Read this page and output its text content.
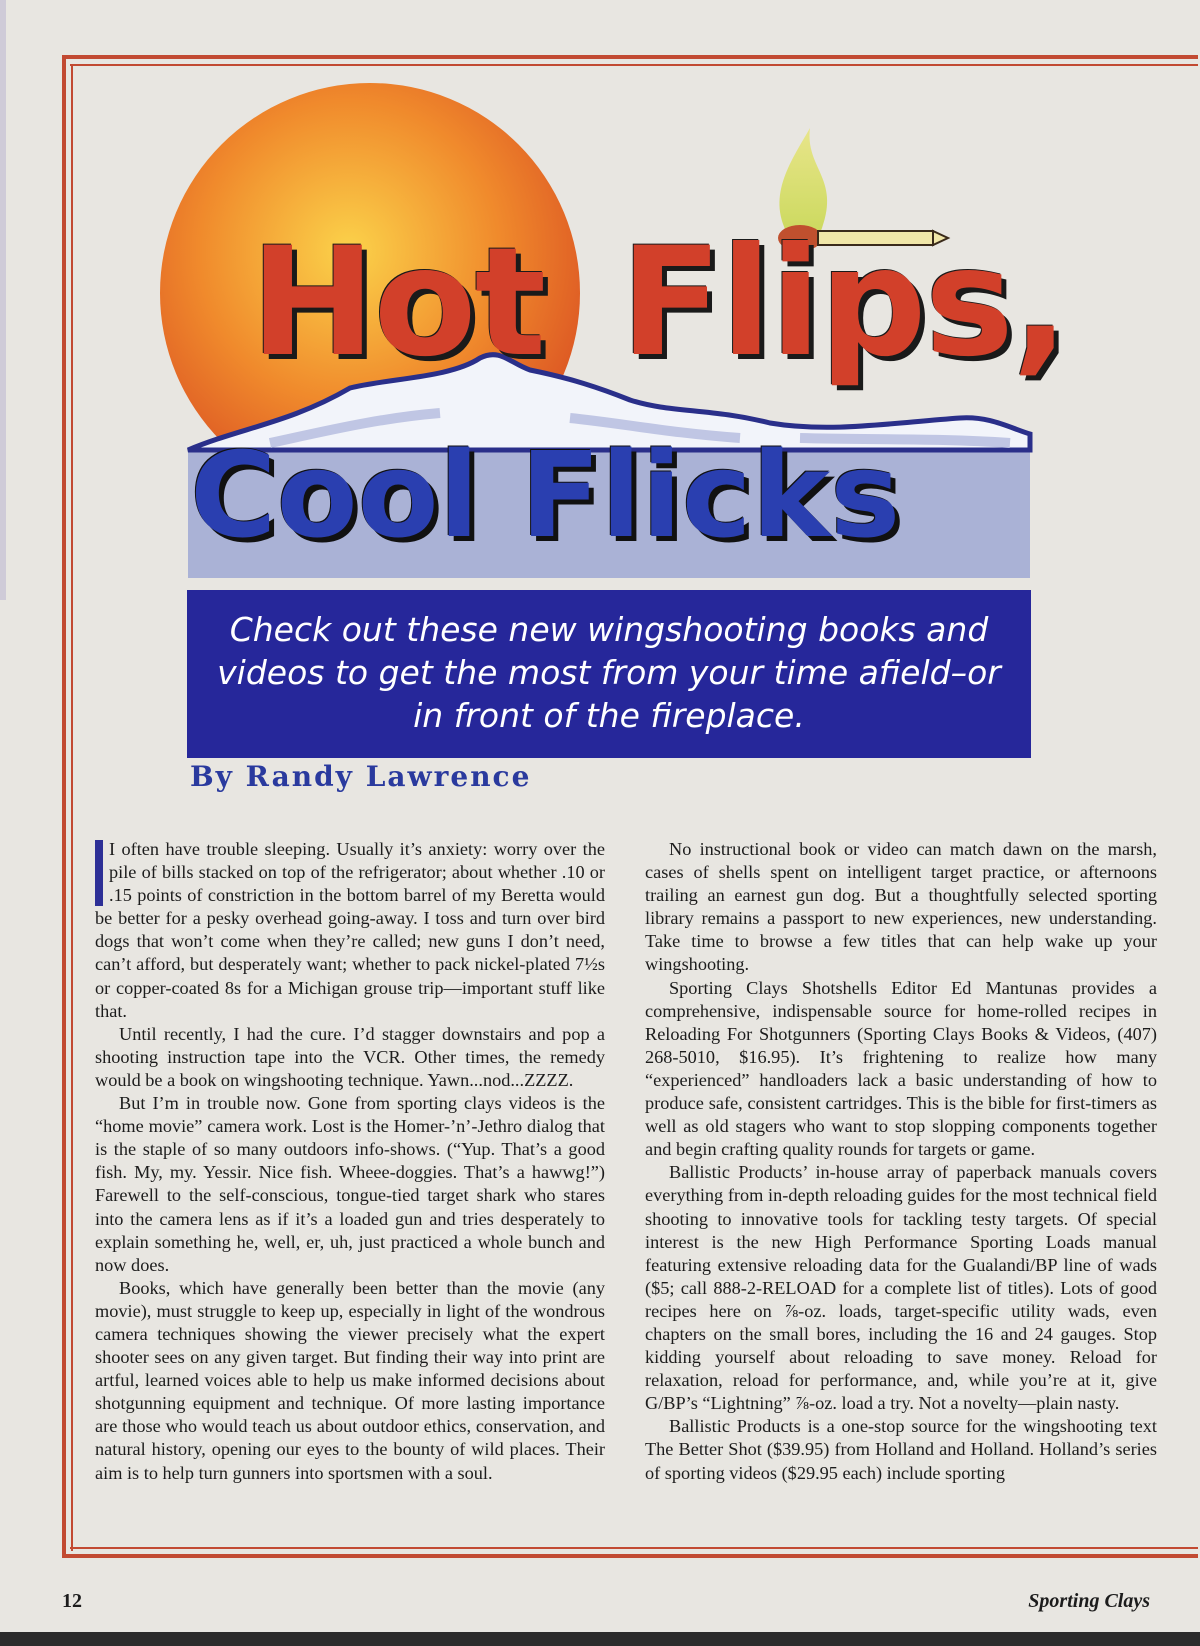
Hot Flips,
Cool Flicks

Check out these new wingshooting books and videos to get the most from your time afield–or in front of the fireplace.

By Randy Lawrence

I often have trouble sleeping. Usually it’s anxiety: worry over the pile of bills stacked on top of the refrigerator; about whether .10 or .15 points of constriction in the bottom barrel of my Beretta would be better for a pesky overhead going-away. I toss and turn over bird dogs that won’t come when they’re called; new guns I don’t need, can’t afford, but desperately want; whether to pack nickel-plated 7½s or copper-coated 8s for a Michigan grouse trip—important stuff like that.

Until recently, I had the cure. I’d stagger downstairs and pop a shooting instruction tape into the VCR. Other times, the remedy would be a book on wingshooting technique. Yawn...nod...ZZZZ.

But I’m in trouble now. Gone from sporting clays videos is the “home movie” camera work. Lost is the Homer-’n’-Jethro dialog that is the staple of so many outdoors info-shows. (“Yup. That’s a good fish. My, my. Yessir. Nice fish. Wheee-doggies. That’s a hawwg!”) Farewell to the self-conscious, tongue-tied target shark who stares into the camera lens as if it’s a loaded gun and tries desperately to explain something he, well, er, uh, just practiced a whole bunch and now does.

Books, which have generally been better than the movie (any movie), must struggle to keep up, especially in light of the wondrous camera techniques showing the viewer precisely what the expert shooter sees on any given target. But finding their way into print are artful, learned voices able to help us make informed decisions about shotgunning equipment and technique. Of more lasting importance are those who would teach us about outdoor ethics, conservation, and natural history, opening our eyes to the bounty of wild places. Their aim is to help turn gunners into sportsmen with a soul.

No instructional book or video can match dawn on the marsh, cases of shells spent on intelligent target practice, or afternoons trailing an earnest gun dog. But a thoughtfully selected sporting library remains a passport to new experiences, new understanding. Take time to browse a few titles that can help wake up your wingshooting.

Sporting Clays Shotshells Editor Ed Mantunas provides a comprehensive, indispensable source for home-rolled recipes in Reloading For Shotgunners (Sporting Clays Books & Videos, (407) 268-5010, $16.95). It’s frightening to realize how many “experienced” handloaders lack a basic understanding of how to produce safe, consistent cartridges. This is the bible for first-timers as well as old stagers who want to stop slopping components together and begin crafting quality rounds for targets or game.

Ballistic Products’ in-house array of paperback manuals covers everything from in-depth reloading guides for the most technical field shooting to innovative tools for tackling testy targets. Of special interest is the new High Performance Sporting Loads manual featuring extensive reloading data for the Gualandi/BP line of wads ($5; call 888-2-RELOAD for a complete list of titles). Lots of good recipes here on ⅞-oz. loads, target-specific utility wads, even chapters on the small bores, including the 16 and 24 gauges. Stop kidding yourself about reloading to save money. Reload for relaxation, reload for performance, and, while you’re at it, give G/BP’s “Lightning” ⅞-oz. load a try. Not a novelty—plain nasty.

Ballistic Products is a one-stop source for the wingshooting text The Better Shot ($39.95) from Holland and Holland. Holland’s series of sporting videos ($29.95 each) include sporting

12	Sporting Clays
